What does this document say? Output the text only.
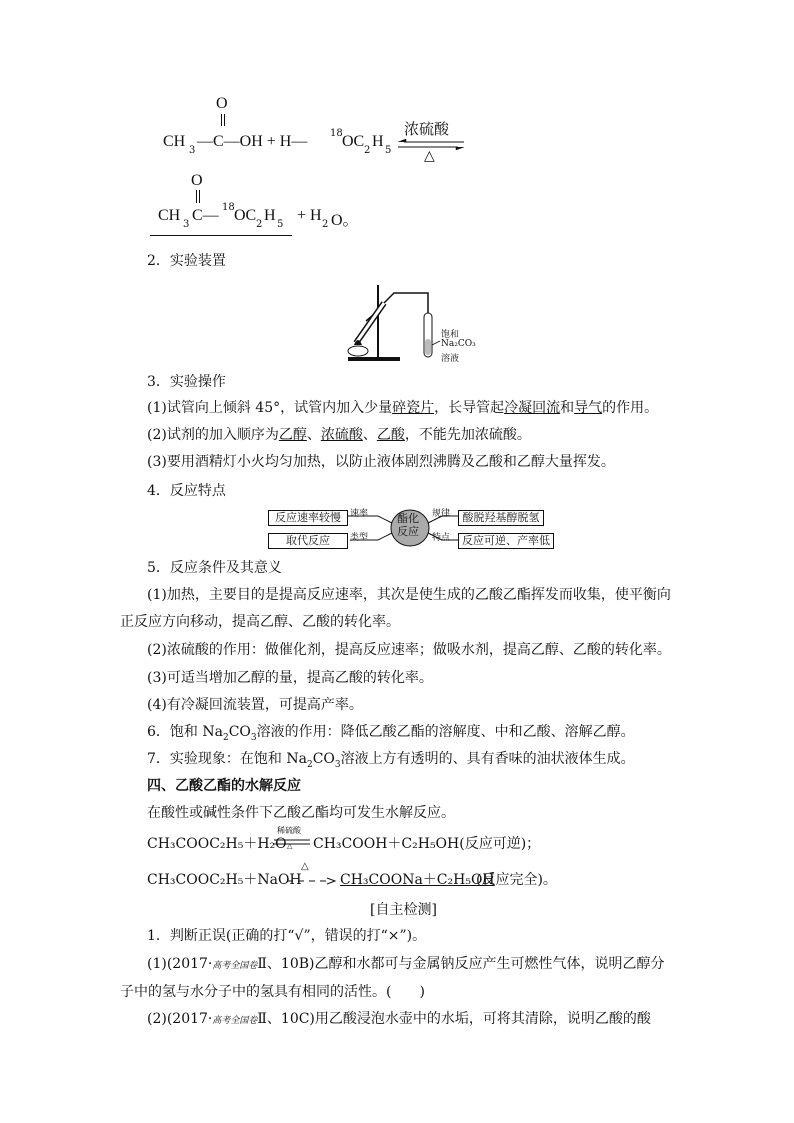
O
CH
3
—C—OH + H— 18 OC
2
H
5
浓硫酸
△
O
CH
3
C— 18 OC
2
H
5
+ H
2 O。
2．实验装置
饱和
Na₂CO₃
溶液
3．实验操作
(1)试管向上倾斜 45°，试管内加入少量碎瓷片，长导管起冷凝回流和导气的作用。
(2)试剂的加入顺序为乙醇、浓硫酸、乙酸，不能先加浓硫酸。
(3)要用酒精灯小火均匀加热，以防止液体剧烈沸腾及乙酸和乙醇大量挥发。
4．反应特点
反应速率较慢
取代反应
速率
类型
酯化
反应
规律
特点
酸脱羟基醇脱氢
反应可逆、产率低
5．反应条件及其意义
(1)加热，主要目的是提高反应速率，其次是使生成的乙酸乙酯挥发而收集，使平衡向
正反应方向移动，提高乙醇、乙酸的转化率。
(2)浓硫酸的作用：做催化剂，提高反应速率；做吸水剂，提高乙醇、乙酸的转化率。
(3)可适当增加乙醇的量，提高乙酸的转化率。
(4)有冷凝回流装置，可提高产率。
6．饱和 $Na_2CO_3$溶液的作用：降低乙酸乙酯的溶解度、中和乙酸、溶解乙醇。
7．实验现象：在饱和 $Na_2CO_3$溶液上方有透明的、具有香味的油状液体生成。
四、乙酸乙酯的水解反应
在酸性或碱性条件下乙酸乙酯均可发生水解反应。
CH₃COOC₂H₅＋H₂O
稀硫酸
△ CH₃COOH＋C₂H₅OH(反应可逆)；
CH₃COOC₂H₅＋NaOH
△
CH₃COONa＋C₂H₅OH
(反应完全)。
[自主检测]
1．判断正误(正确的打“√”，错误的打“×”)。
(1)(2017·高考全国卷Ⅱ、10B)乙醇和水都可与金属钠反应产生可燃性气体，说明乙醇分
子中的氢与水分子中的氢具有相同的活性。(　　)
(2)(2017·高考全国卷Ⅱ、10C)用乙酸浸泡水壶中的水垢，可将其清除，说明乙酸的酸
